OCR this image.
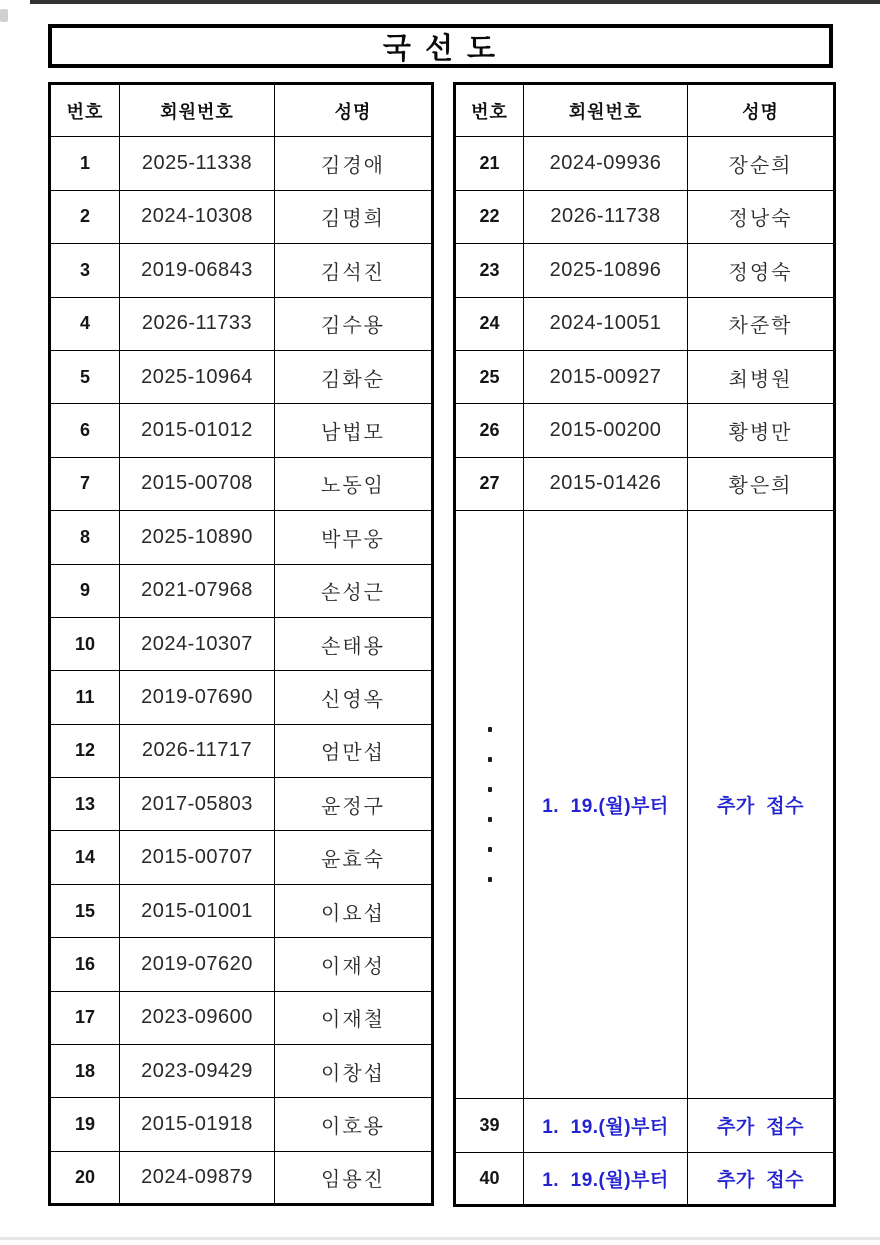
국 선 도
번호	회원번호	성명
1	2025-11338	김경애
2	2024-10308	김명희
3	2019-06843	김석진
4	2026-11733	김수용
5	2025-10964	김화순
6	2015-01012	남법모
7	2015-00708	노동임
8	2025-10890	박무웅
9	2021-07968	손성근
10	2024-10307	손태용
11	2019-07690	신영옥
12	2026-11717	엄만섭
13	2017-05803	윤정구
14	2015-00707	윤효숙
15	2015-01001	이요섭
16	2019-07620	이재성
17	2023-09600	이재철
18	2023-09429	이창섭
19	2015-01918	이호용
20	2024-09879	임용진
번호	회원번호	성명
21	2024-09936	장순희
22	2026-11738	정낭숙
23	2025-10896	정영숙
24	2024-10051	차준학
25	2015-00927	최병원
26	2015-00200	황병만
27	2015-01426	황은희

	1.  19.(월)부터	추가  접수
39	1.  19.(월)부터	추가  접수
40	1.  19.(월)부터	추가  접수
